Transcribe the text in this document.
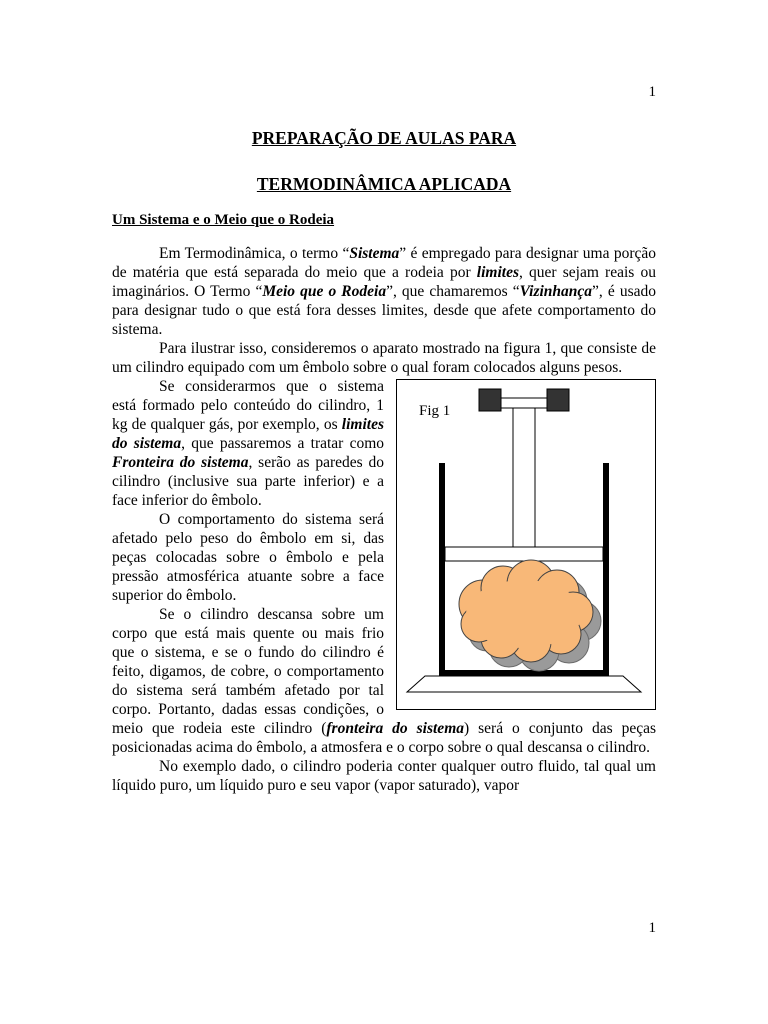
1
PREPARAÇÃO DE AULAS PARA
TERMODINÂMICA APLICADA
Um Sistema e o Meio que o Rodeia

Em Termodinâmica, o termo “Sistema” é empregado para designar uma porção de matéria que está separada do meio que a rodeia por limites, quer sejam reais ou imaginários. O Termo “Meio que o Rodeia”, que chamaremos “Vizinhança”, é usado para designar tudo o que está fora desses limites, desde que afete comportamento do sistema.

Para ilustrar isso, consideremos o aparato mostrado na figura 1, que consiste de um cilindro equipado com um êmbolo sobre o qual foram colocados alguns pesos.

Fig 1

Se considerarmos que o sistema está formado pelo conteúdo do cilindro, 1 kg de qualquer gás, por exemplo, os limites do sistema, que passaremos a tratar como Fronteira do sistema, serão as paredes do cilindro (inclusive sua parte inferior) e a face inferior do êmbolo.

O comportamento do sistema será afetado pelo peso do êmbolo em si, das peças colocadas sobre o êmbolo e pela pressão atmosférica atuante sobre a face superior do êmbolo.

Se o cilindro descansa sobre um corpo que está mais quente ou mais frio que o sistema, e se o fundo do cilindro é feito, digamos, de cobre, o comportamento do sistema será também afetado por tal corpo. Portanto, dadas essas condições, o meio que rodeia este cilindro (fronteira do sistema) será o conjunto das peças posicionadas acima do êmbolo, a atmosfera e o corpo sobre o qual descansa o cilindro.

No exemplo dado, o cilindro poderia conter qualquer outro fluido, tal qual um líquido puro, um líquido puro e seu vapor (vapor saturado), vapor

1
